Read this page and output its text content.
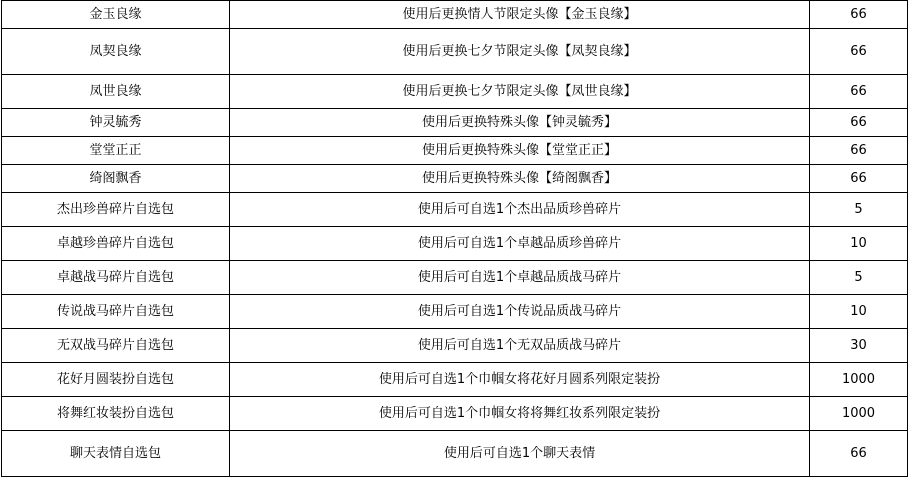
金玉良缘	使用后更换情人节限定头像【金玉良缘】	66
凤契良缘	使用后更换七夕节限定头像【凤契良缘】	66
凤世良缘	使用后更换七夕节限定头像【凤世良缘】	66
钟灵毓秀	使用后更换特殊头像【钟灵毓秀】	66
堂堂正正	使用后更换特殊头像【堂堂正正】	66
绮阁飘香	使用后更换特殊头像【绮阁飘香】	66
杰出珍兽碎片自选包	使用后可自选1个杰出品质珍兽碎片	5
卓越珍兽碎片自选包	使用后可自选1个卓越品质珍兽碎片	10
卓越战马碎片自选包	使用后可自选1个卓越品质战马碎片	5
传说战马碎片自选包	使用后可自选1个传说品质战马碎片	10
无双战马碎片自选包	使用后可自选1个无双品质战马碎片	30
花好月圆装扮自选包	使用后可自选1个巾帼女将花好月圆系列限定装扮	1000
将舞红妆装扮自选包	使用后可自选1个巾帼女将将舞红妆系列限定装扮	1000
聊天表情自选包	使用后可自选1个聊天表情	66
